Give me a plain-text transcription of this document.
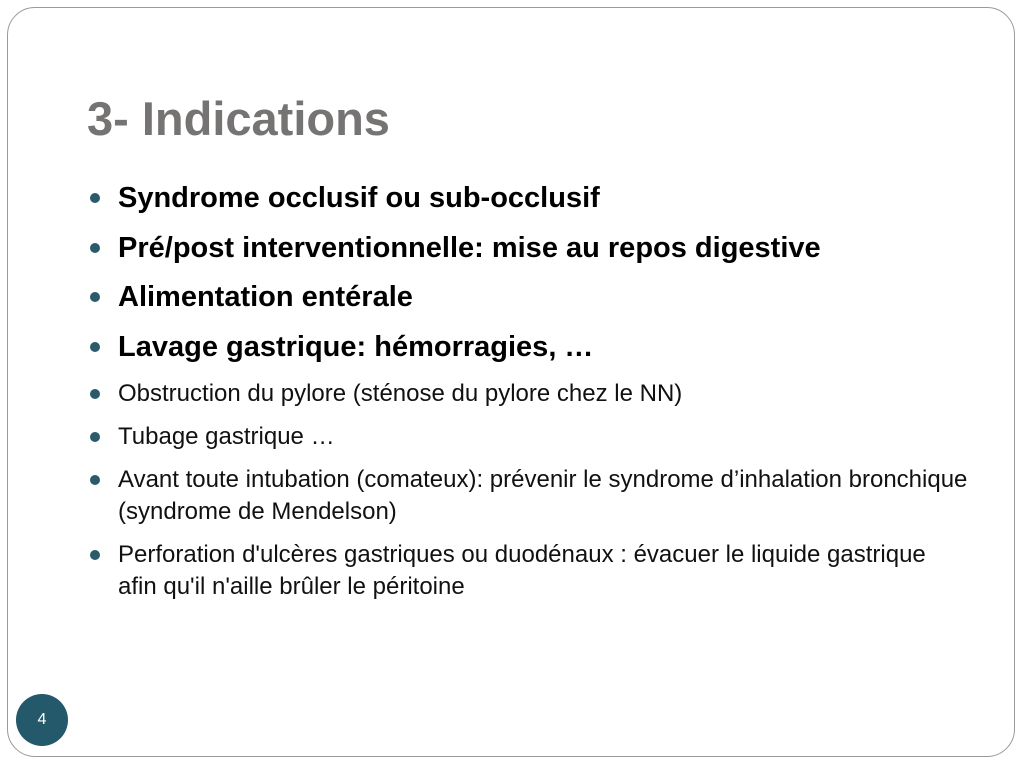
3- Indications
Syndrome occlusif ou sub-occlusif
Pré/post interventionnelle: mise au repos digestive
Alimentation entérale
Lavage gastrique: hémorragies, …
Obstruction du pylore (sténose du pylore chez le NN)
Tubage gastrique …
Avant toute intubation (comateux): prévenir le syndrome d’inhalation bronchique (syndrome de Mendelson)
Perforation d'ulcères gastriques ou duodénaux : évacuer le liquide gastrique afin qu'il n'aille brûler le péritoine
4
